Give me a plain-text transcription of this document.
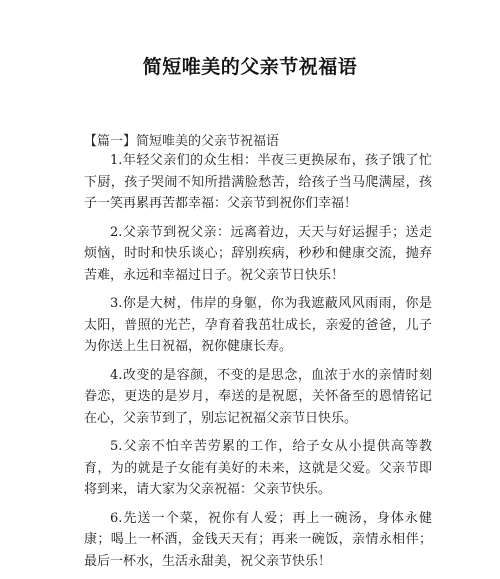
简短唯美的父亲节祝福语
【篇一】简短唯美的父亲节祝福语

1.年轻父亲们的众生相：半夜三更换尿布，孩子饿了忙下厨，孩子哭闹不知所措满脸愁苦，给孩子当马爬满屋，孩子一笑再累再苦都幸福：父亲节到祝你们幸福！

2.父亲节到祝父亲：远离着边，天天与好运握手；送走烦恼，时时和快乐谈心；辞别疾病，秒秒和健康交流，抛弃苦难，永远和幸福过日子。祝父亲节日快乐！

3.你是大树，伟岸的身躯，你为我遮蔽风风雨雨，你是太阳，普照的光芒，孕育着我茁壮成长，亲爱的爸爸，儿子为你送上生日祝福，祝你健康长寿。

4.改变的是容颜，不变的是思念，血浓于水的亲情时刻眷恋，更迭的是岁月，奉送的是祝愿，关怀备至的恩情铭记在心，父亲节到了，别忘记祝福父亲节日快乐。

5.父亲不怕辛苦劳累的工作，给子女从小提供高等教育，为的就是子女能有美好的未来，这就是父爱。父亲节即将到来，请大家为父亲祝福：父亲节快乐。

6.先送一个菜，祝你有人爱；再上一碗汤，身体永健康；喝上一杯酒，金钱天天有；再来一碗饭，亲情永相伴；最后一杯水，生活永甜美，祝父亲节快乐！
